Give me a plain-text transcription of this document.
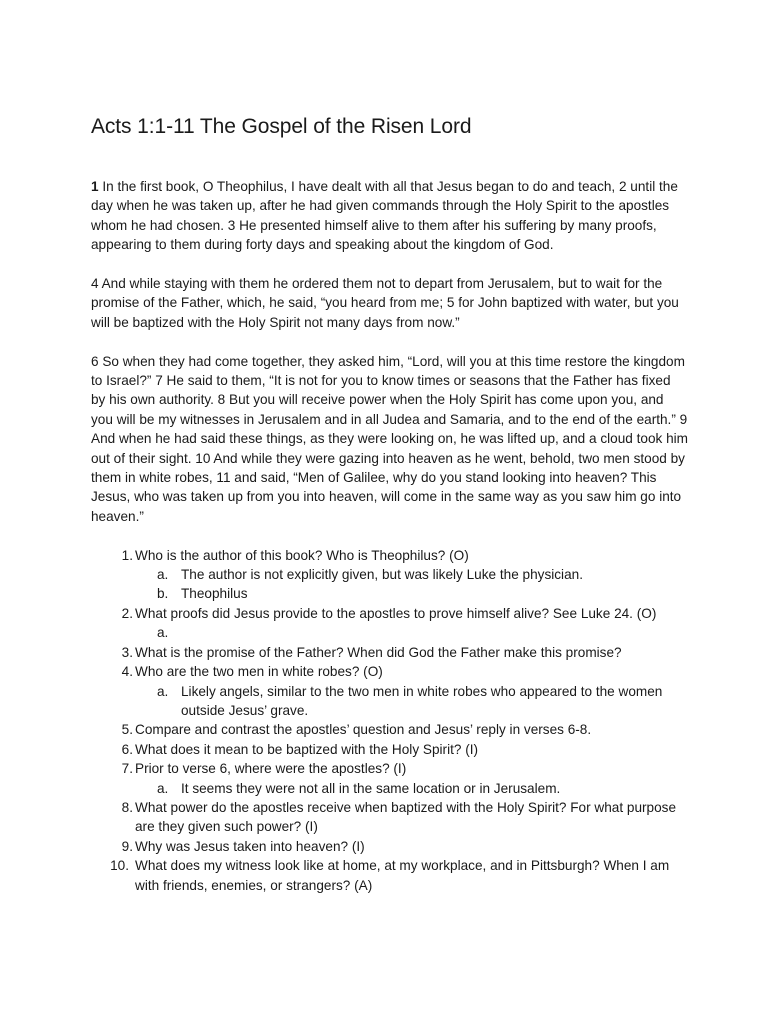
Acts 1:1-11 The Gospel of the Risen Lord

1 In the first book, O Theophilus, I have dealt with all that Jesus began to do and teach, 2 until the day when he was taken up, after he had given commands through the Holy Spirit to the apostles whom he had chosen. 3 He presented himself alive to them after his suffering by many proofs, appearing to them during forty days and speaking about the kingdom of God.

4 And while staying with them he ordered them not to depart from Jerusalem, but to wait for the promise of the Father, which, he said, “you heard from me; 5 for John baptized with water, but you will be baptized with the Holy Spirit not many days from now.”

6 So when they had come together, they asked him, “Lord, will you at this time restore the kingdom to Israel?” 7 He said to them, “It is not for you to know times or seasons that the Father has fixed by his own authority. 8 But you will receive power when the Holy Spirit has come upon you, and you will be my witnesses in Jerusalem and in all Judea and Samaria, and to the end of the earth.” 9 And when he had said these things, as they were looking on, he was lifted up, and a cloud took him out of their sight. 10 And while they were gazing into heaven as he went, behold, two men stood by them in white robes, 11 and said, “Men of Galilee, why do you stand looking into heaven? This Jesus, who was taken up from you into heaven, will come in the same way as you saw him go into heaven.”

1. Who is the author of this book? Who is Theophilus? (O)
a. The author is not explicitly given, but was likely Luke the physician.
b. Theophilus
2. What proofs did Jesus provide to the apostles to prove himself alive? See Luke 24. (O)
a.
3. What is the promise of the Father? When did God the Father make this promise?
4. Who are the two men in white robes? (O)
a. Likely angels, similar to the two men in white robes who appeared to the women outside Jesus’ grave.
5. Compare and contrast the apostles’ question and Jesus’ reply in verses 6-8.
6. What does it mean to be baptized with the Holy Spirit? (I)
7. Prior to verse 6, where were the apostles? (I)
a. It seems they were not all in the same location or in Jerusalem.
8. What power do the apostles receive when baptized with the Holy Spirit? For what purpose are they given such power? (I)
9. Why was Jesus taken into heaven? (I)
10. What does my witness look like at home, at my workplace, and in Pittsburgh? When I am with friends, enemies, or strangers? (A)
